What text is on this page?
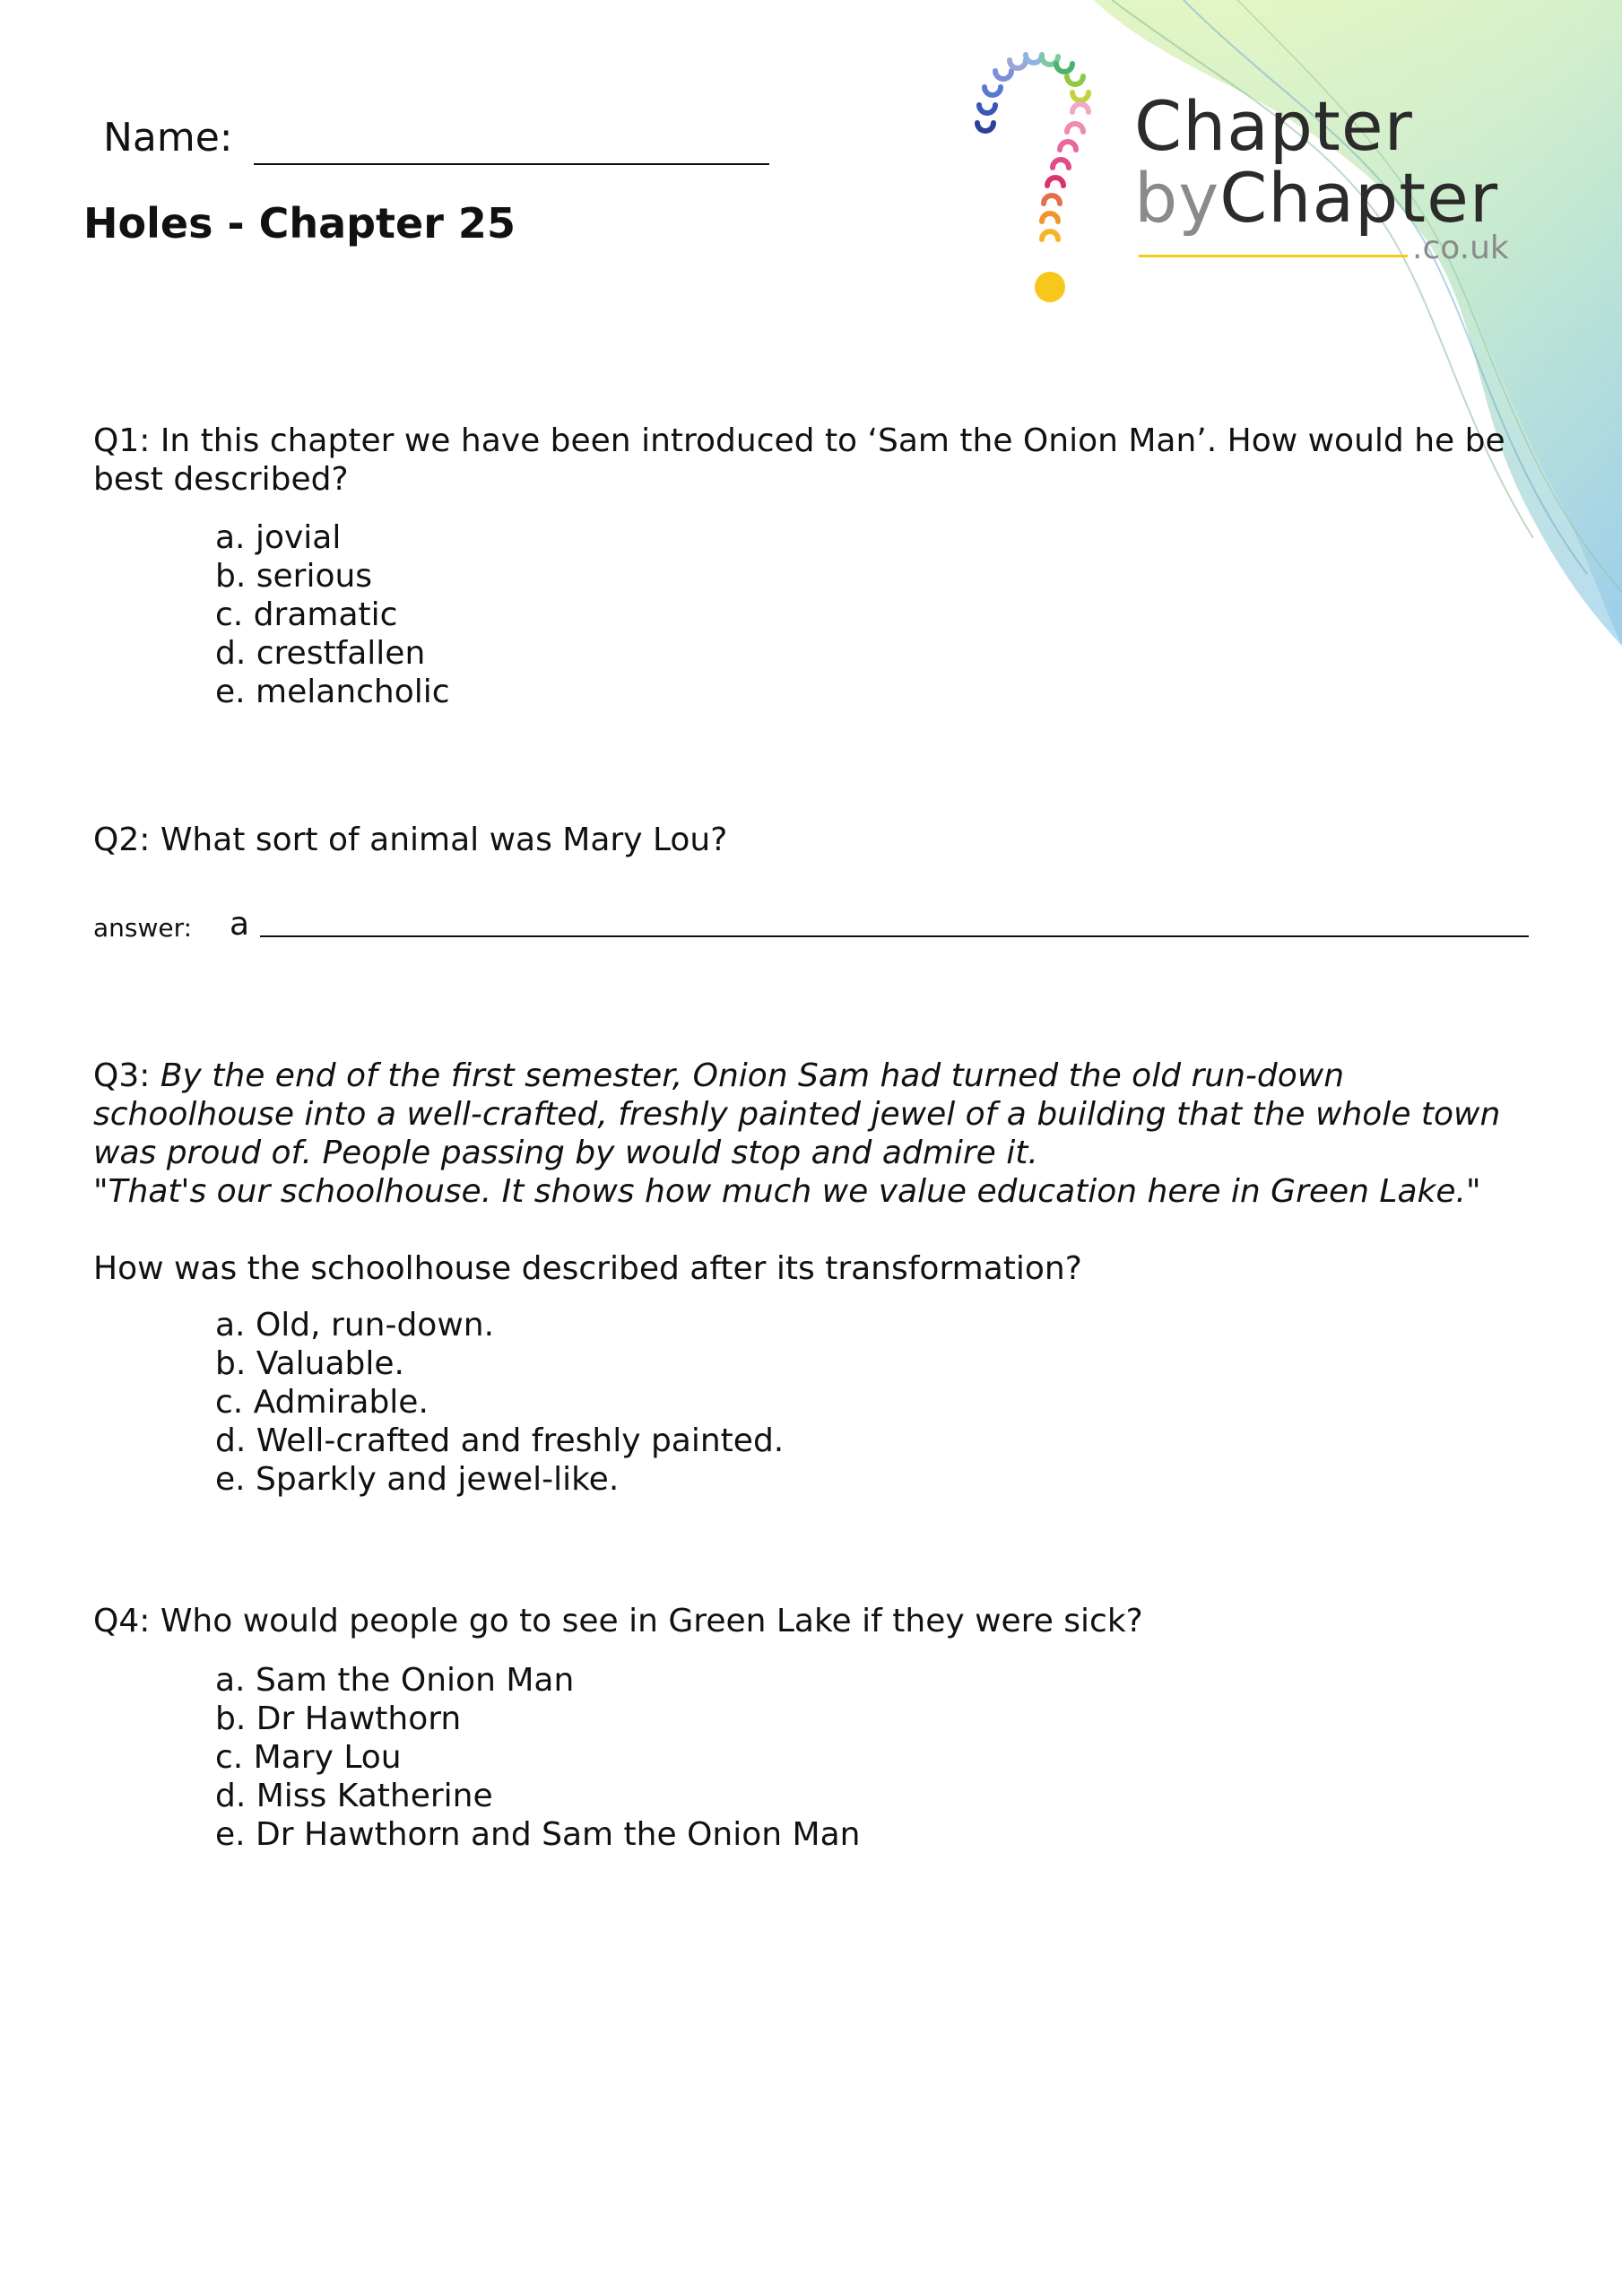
Chapter
byChapter
.co.uk
Name:
Holes - Chapter 25

Q1: In this chapter we have been introduced to ‘Sam the Onion Man’. How would he be best described?

a. jovial
b. serious
c. dramatic
d. crestfallen
e. melancholic

Q2: What sort of animal was Mary Lou?

answer: a

Q3: By the end of the first semester, Onion Sam had turned the old run-down schoolhouse into a well-crafted, freshly painted jewel of a building that the whole town was proud of. People passing by would stop and admire it.

"That's our schoolhouse. It shows how much we value education here in Green Lake."

How was the schoolhouse described after its transformation?

a. Old, run-down.
b. Valuable.
c. Admirable.
d. Well-crafted and freshly painted.
e. Sparkly and jewel-like.

Q4: Who would people go to see in Green Lake if they were sick?

a. Sam the Onion Man
b. Dr Hawthorn
c. Mary Lou
d. Miss Katherine
e. Dr Hawthorn and Sam the Onion Man
